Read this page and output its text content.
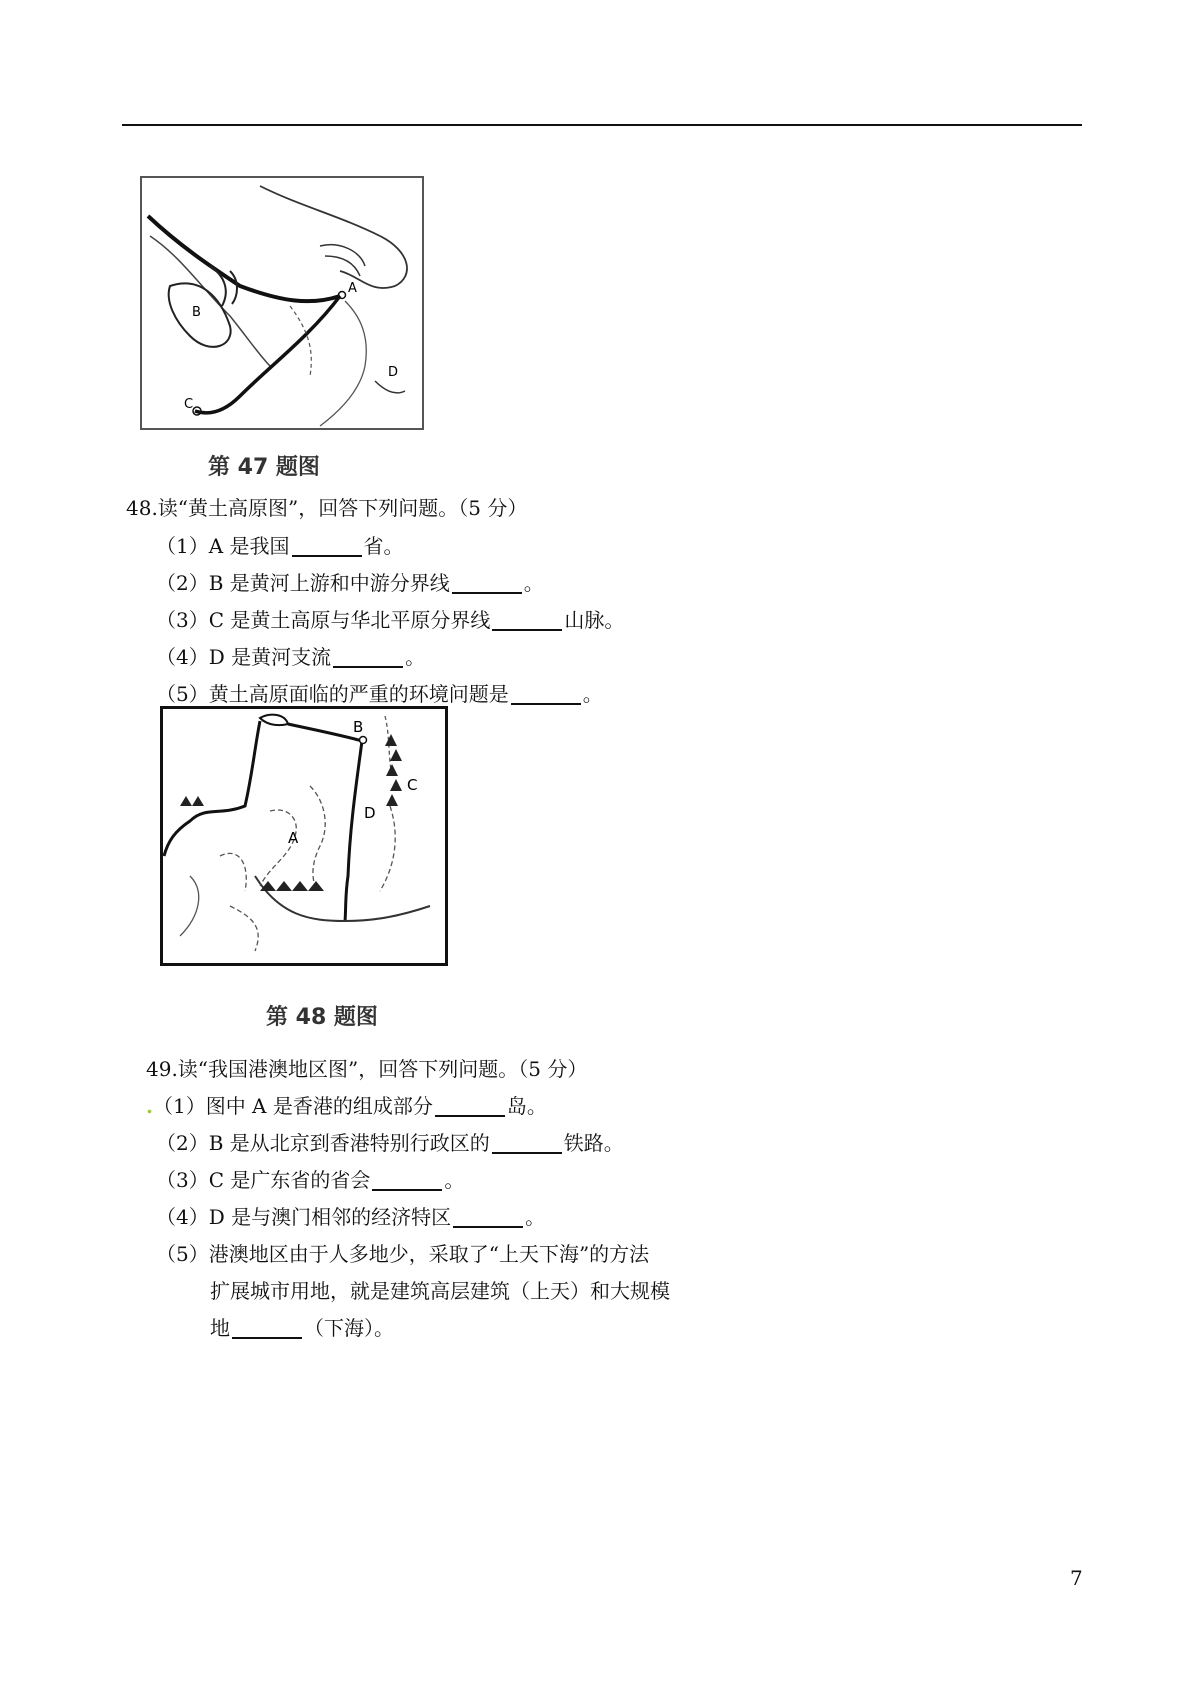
A
B
C
D
第 47 题图
48.读“黄土高原图”，回答下列问题。（5 分）
（1）A 是我国	省。
（2）B 是黄河上游和中游分界线	。
（3）C 是黄土高原与华北平原分界线	山脉。
（4）D 是黄河支流	。
（5）黄土高原面临的严重的环境问题是	。
A
B
C
D
第 48 题图
49.读“我国港澳地区图”，回答下列问题。（5 分）
.（1）图中 A 是香港的组成部分	岛。
（2）B 是从北京到香港特别行政区的	铁路。
（3）C 是广东省的省会	。
（4）D 是与澳门相邻的经济特区	。
（5）港澳地区由于人多地少，采取了“上天下海”的方法
扩展城市用地，就是建筑高层建筑（上天）和大规模
地	（下海）。
7
